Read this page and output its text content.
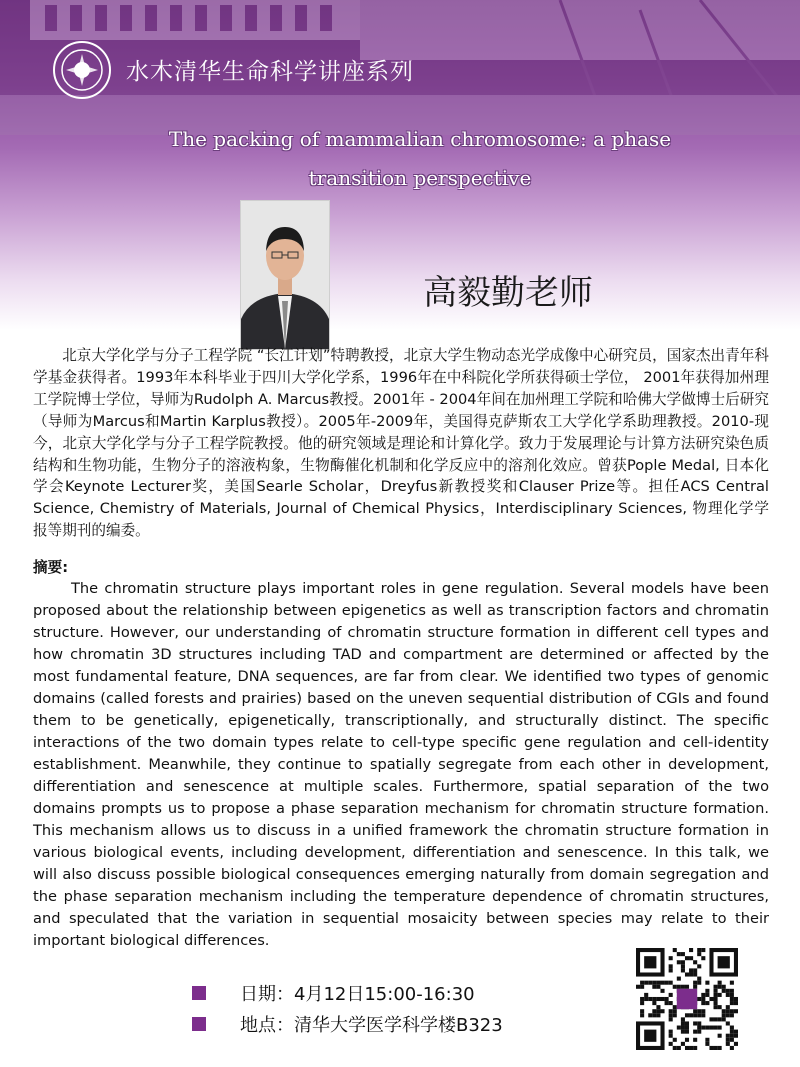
水木清华生命科学讲座系列
The packing of mammalian chromosome: a phase
transition perspective
高毅勤老师

北京大学化学与分子工程学院 “长江计划”特聘教授，北京大学生物动态光学成像中心研究员，国家杰出青年科学基金获得者。1993年本科毕业于四川大学化学系，1996年在中科院化学所获得硕士学位， 2001年获得加州理工学院博士学位，导师为Rudolph A. Marcus教授。2001年 - 2004年间在加州理工学院和哈佛大学做博士后研究（导师为Marcus和Martin Karplus教授）。2005年-2009年，美国得克萨斯农工大学化学系助理教授。2010-现今，北京大学化学与分子工程学院教授。他的研究领域是理论和计算化学。致力于发展理论与计算方法研究染色质结构和生物功能，生物分子的溶液构象，生物酶催化机制和化学反应中的溶剂化效应。曾获Pople Medal, 日本化学会Keynote Lecturer奖，美国Searle Scholar，Dreyfus新教授奖和Clauser Prize等。担任ACS Central Science, Chemistry of Materials, Journal of Chemical Physics，Interdisciplinary Sciences, 物理化学学报等期刊的编委。

摘要:

The chromatin structure plays important roles in gene regulation. Several models have been proposed about the relationship between epigenetics as well as transcription factors and chromatin structure. However, our understanding of chromatin structure formation in different cell types and how chromatin 3D structures including TAD and compartment are determined or affected by the most fundamental feature, DNA sequences, are far from clear. We identified two types of genomic domains (called forests and prairies) based on the uneven sequential distribution of CGIs and found them to be genetically, epigenetically, transcriptionally, and structurally distinct. The specific interactions of the two domain types relate to cell-type specific gene regulation and cell-identity establishment. Meanwhile, they continue to spatially segregate from each other in development, differentiation and senescence at multiple scales. Furthermore, spatial separation of the two domains prompts us to propose a phase separation mechanism for chromatin structure formation. This mechanism allows us to discuss in a unified framework the chromatin structure formation in various biological events, including development, differentiation and senescence. In this talk, we will also discuss possible biological consequences emerging naturally from domain segregation and the phase separation mechanism including the temperature dependence of chromatin structures, and speculated that the variation in sequential mosaicity between species may relate to their important biological differences.

日期：4月12日15:00-16:30
地点：清华大学医学科学楼B323
